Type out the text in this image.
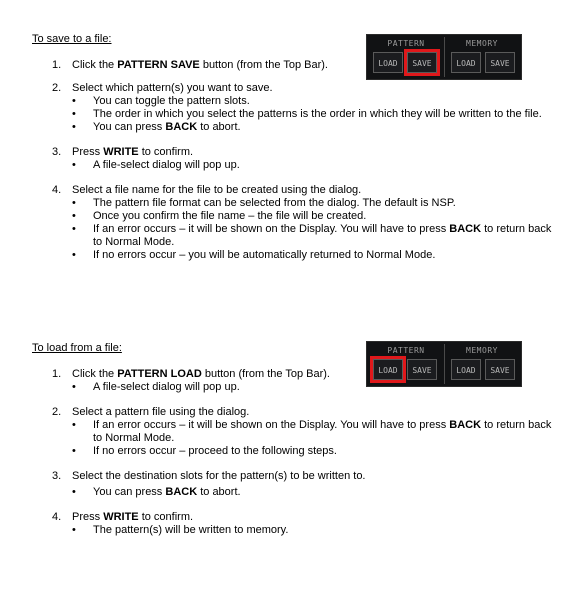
To save to a file:

1. Click the PATTERN SAVE button (from the Top Bar).
2. Select which pattern(s) you want to save.
• You can toggle the pattern slots.
• The order in which you select the patterns is the order in which they will be written to the file.
• You can press BACK to abort.
3. Press WRITE to confirm.
• A file-select dialog will pop up.
4. Select a file name for the file to be created using the dialog.
• The pattern file format can be selected from the dialog. The default is NSP.
• Once you confirm the file name – the file will be created.
• If an error occurs – it will be shown on the Display. You will have to press BACK to return back to Normal Mode.
• If no errors occur – you will be automatically returned to Normal Mode.
PATTERN	MEMORY
LOAD	SAVE	LOAD	SAVE

To load from a file:

1. Click the PATTERN LOAD button (from the Top Bar).
• A file-select dialog will pop up.
2. Select a pattern file using the dialog.
• If an error occurs – it will be shown on the Display. You will have to press BACK to return back to Normal Mode.
• If no errors occur – proceed to the following steps.
3. Select the destination slots for the pattern(s) to be written to.
• You can press BACK to abort.
4. Press WRITE to confirm.
• The pattern(s) will be written to memory.
PATTERN	MEMORY
LOAD	SAVE	LOAD	SAVE
